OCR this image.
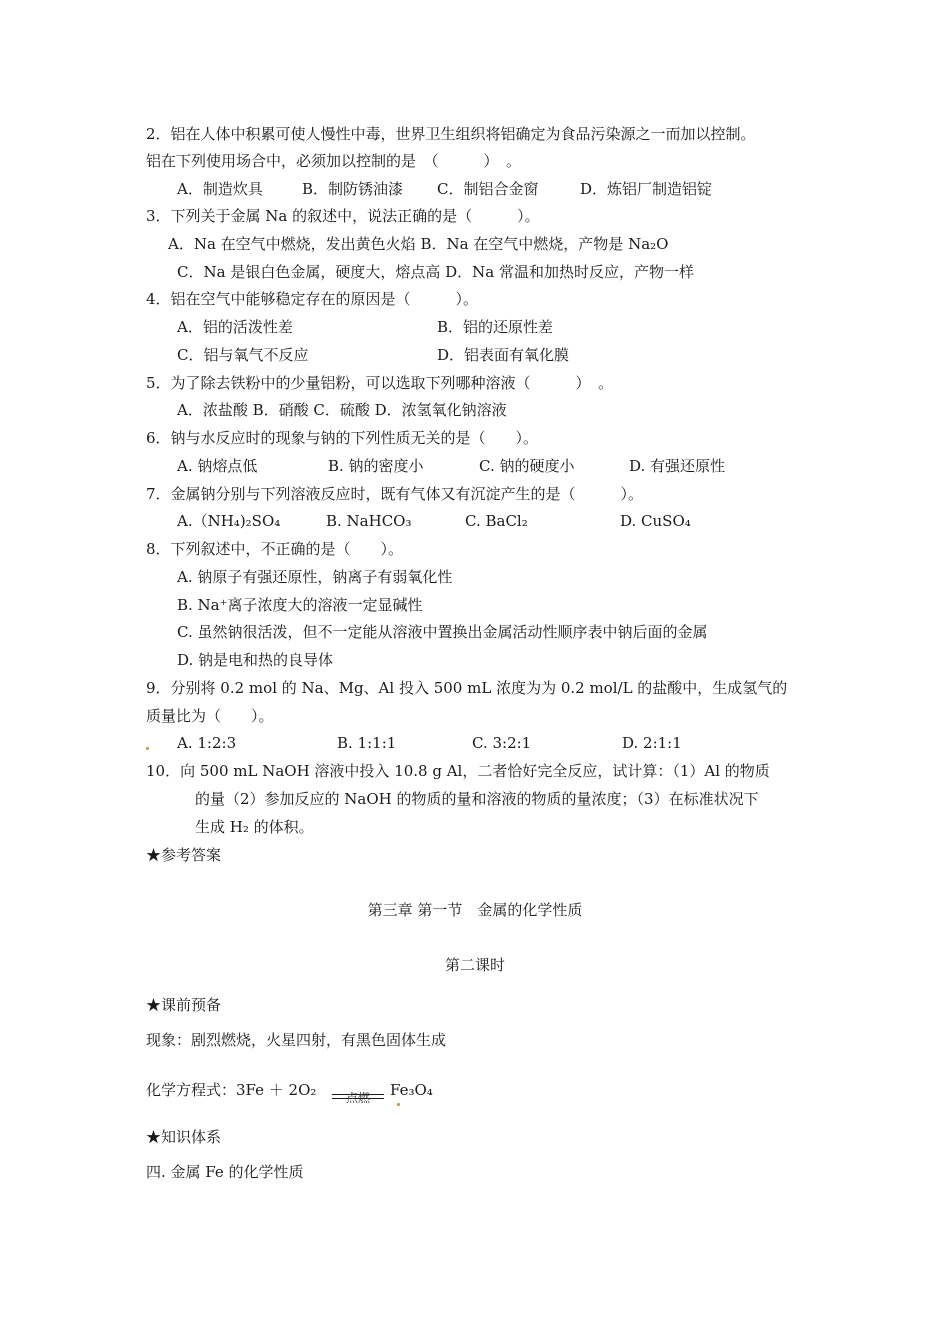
2．铝在人体中积累可使人慢性中毒，世界卫生组织将铝确定为食品污染源之一而加以控制。
铝在下列使用场合中，必须加以控制的是　（　　　）　。
A．制造炊具	B．制防锈油漆 C．制铝合金窗	D．炼铝厂制造铝锭
3．下列关于金属 Na 的叙述中，说法正确的是（　　　）。
A．Na 在空气中燃烧，发出黄色火焰 B．Na 在空气中燃烧，产物是 Na₂O
C．Na 是银白色金属，硬度大，熔点高 D．Na 常温和加热时反应，产物一样
4．铝在空气中能够稳定存在的原因是（　　　）。
A．铝的活泼性差	B．铝的还原性差
C．铝与氧气不反应	D．铝表面有氧化膜
5．为了除去铁粉中的少量铝粉，可以选取下列哪种溶液（　　　）　。
A．浓盐酸 B．硝酸 C．硫酸 D．浓氢氧化钠溶液
6．钠与水反应时的现象与钠的下列性质无关的是（　　）。
A. 钠熔点低	B. 钠的密度小	C. 钠的硬度小	D. 有强还原性
7．金属钠分别与下列溶液反应时，既有气体又有沉淀产生的是（　　　）。
A.（NH₄)₂SO₄	B. NaHCO₃	C. BaCl₂	D. CuSO₄
8．下列叙述中，不正确的是（　　）。
A. 钠原子有强还原性，钠离子有弱氧化性
B. Na⁺离子浓度大的溶液一定显碱性
C. 虽然钠很活泼，但不一定能从溶液中置换出金属活动性顺序表中钠后面的金属
D. 钠是电和热的良导体
9．分别将 0.2 mol 的 Na、Mg、Al 投入 500 mL 浓度为为 0.2 mol/L 的盐酸中，生成氢气的
质量比为（　　）。
A. 1:2:3	B. 1:1:1	C. 3:2:1	D. 2:1:1
10．向 500 mL NaOH 溶液中投入 10.8 g Al，二者恰好完全反应，试计算：（1）Al 的物质
的量（2）参加反应的 NaOH 的物质的量和溶液的物质的量浓度；（3）在标准状况下
生成 H₂ 的体积。
★参考答案
第三章 第一节　金属的化学性质
第二课时
★课前预备
现象：剧烈燃烧，火星四射，有黑色固体生成
化学方程式：3Fe ＋ 2O₂	点燃	Fe₃O₄
★知识体系
四. 金属 Fe 的化学性质
